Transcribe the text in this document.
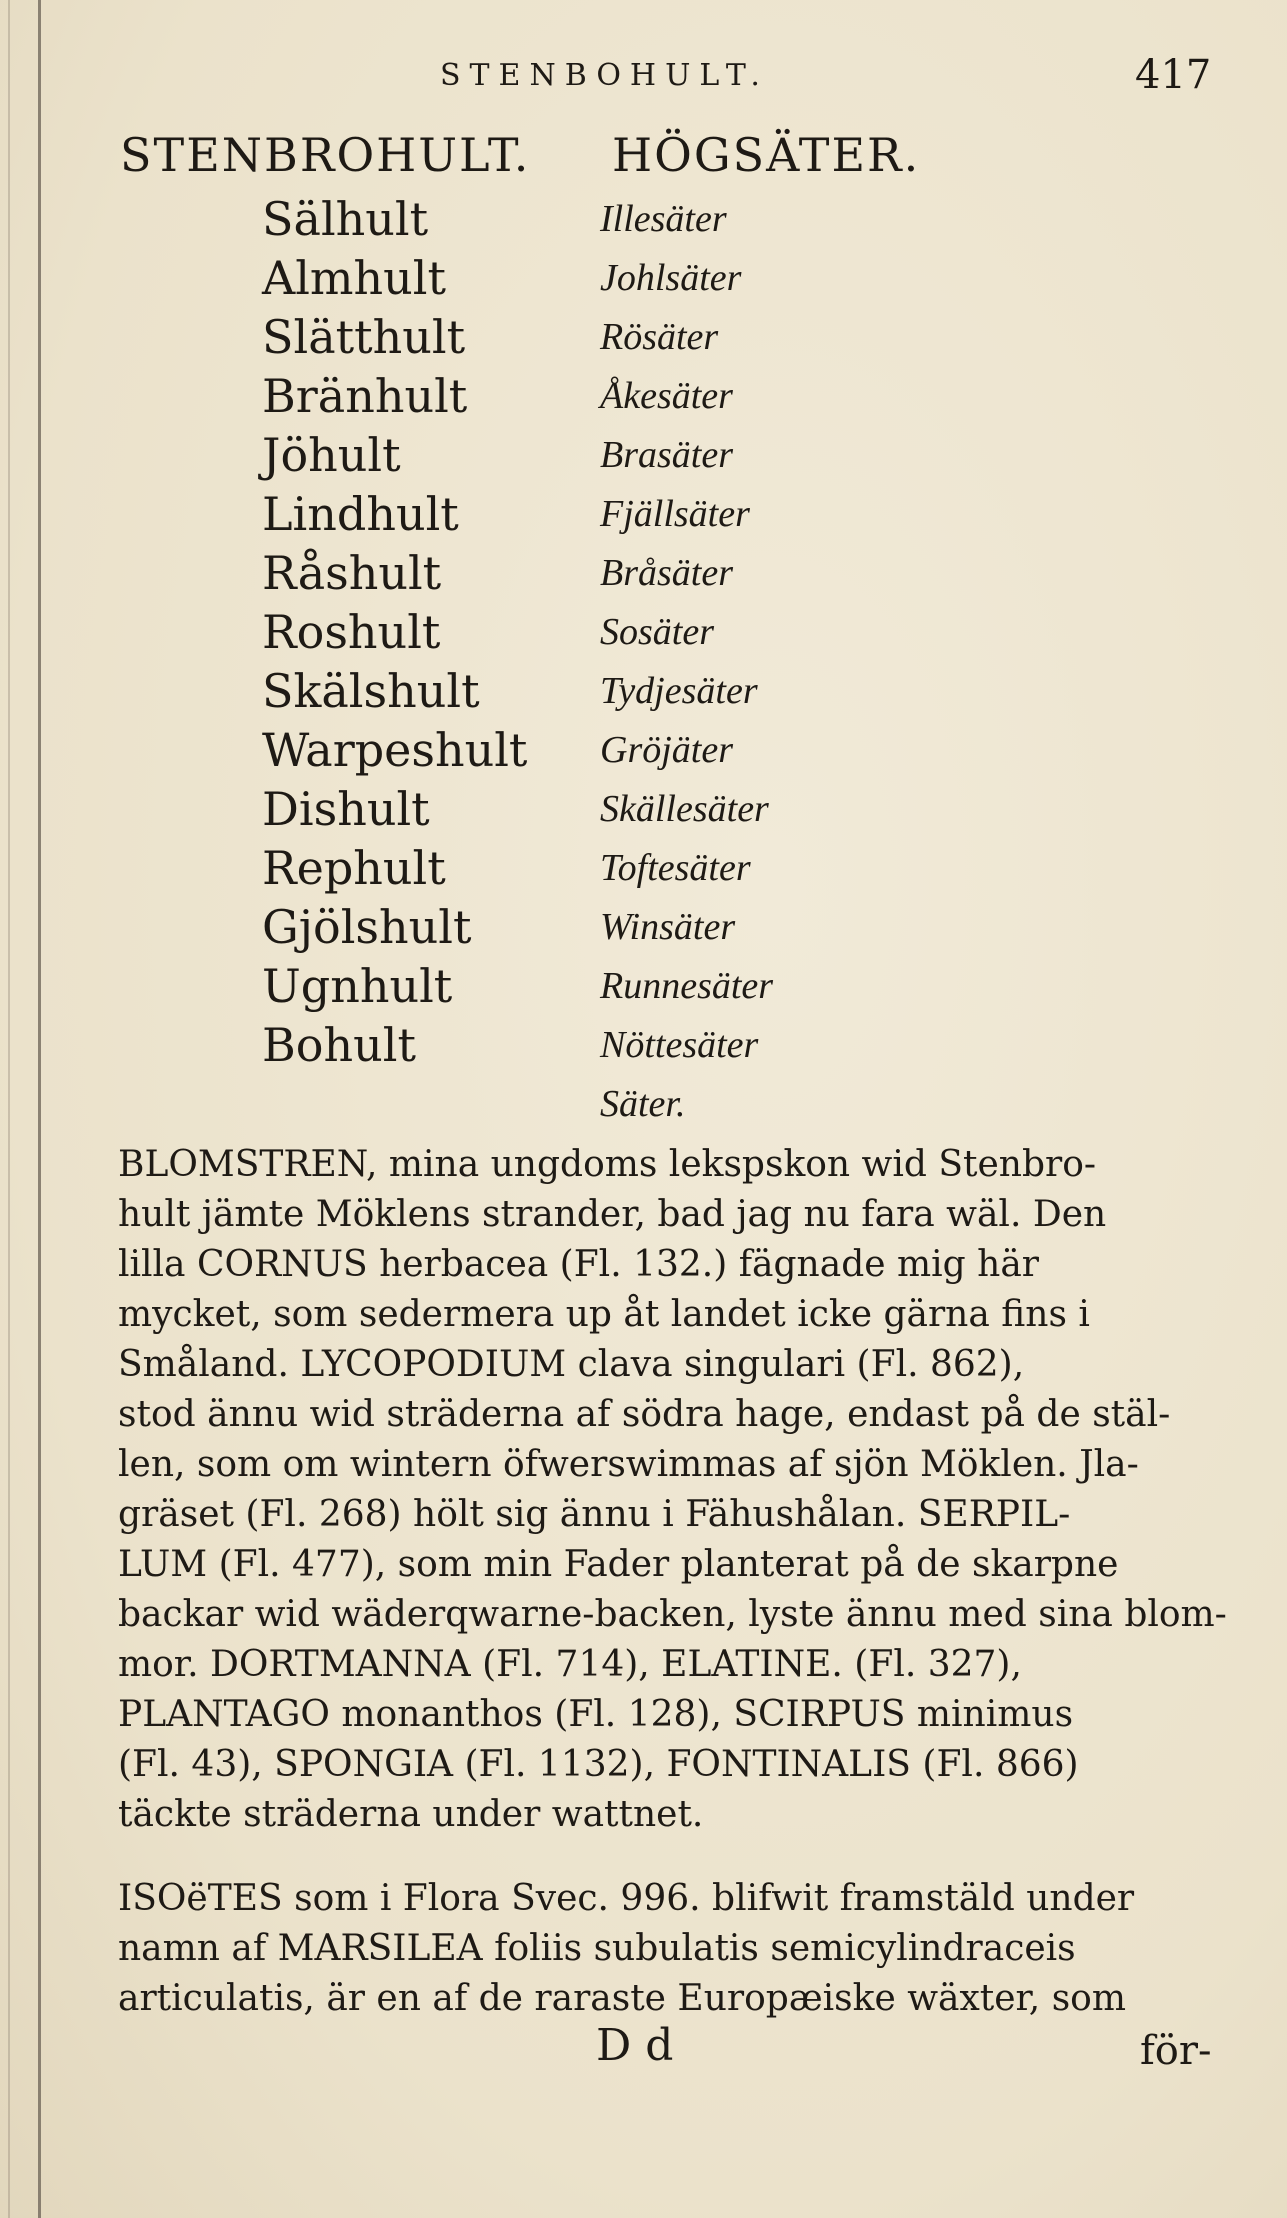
STENBOHULT.	417
STENBROHULT. HÖGSÄTER.
Sälhult
Almhult
Slätthult
Bränhult
Jöhult
Lindhult
Råshult
Roshult
Skälshult
Warpeshult
Dishult
Rephult
Gjölshult
Ugnhult
Bohult
Illesäter
Johlsäter
Rösäter
Åkesäter
Brasäter
Fjällsäter
Bråsäter
Sosäter
Tydjesäter
Gröjäter
Skällesäter
Toftesäter
Winsäter
Runnesäter
Nöttesäter
Säter.
BLOMSTREN, mina ungdoms lekspskon wid Stenbro-
hult jämte Möklens strander, bad jag nu fara wäl. Den
lilla CORNUS herbacea (Fl. 132.) fägnade mig här
mycket, som sedermera up åt landet icke gärna fins i
Småland. LYCOPODIUM clava singulari (Fl. 862),
stod ännu wid sträderna af södra hage, endast på de stäl-
len, som om wintern öfwerswimmas af sjön Möklen. Jla-
gräset (Fl. 268) hölt sig ännu i Fähushålan. SERPIL-
LUM (Fl. 477), som min Fader planterat på de skarpne
backar wid wäderqwarne-backen, lyste ännu med sina blom-
mor. DORTMANNA (Fl. 714), ELATINE. (Fl. 327),
PLANTAGO monanthos (Fl. 128), SCIRPUS minimus
(Fl. 43), SPONGIA (Fl. 1132), FONTINALIS (Fl. 866)
täckte sträderna under wattnet.
ISOëTES som i Flora Svec. 996. blifwit framstäld under
namn af MARSILEA foliis subulatis semicylindraceis
articulatis, är en af de raraste Europæiske wäxter, som
D d	för-
